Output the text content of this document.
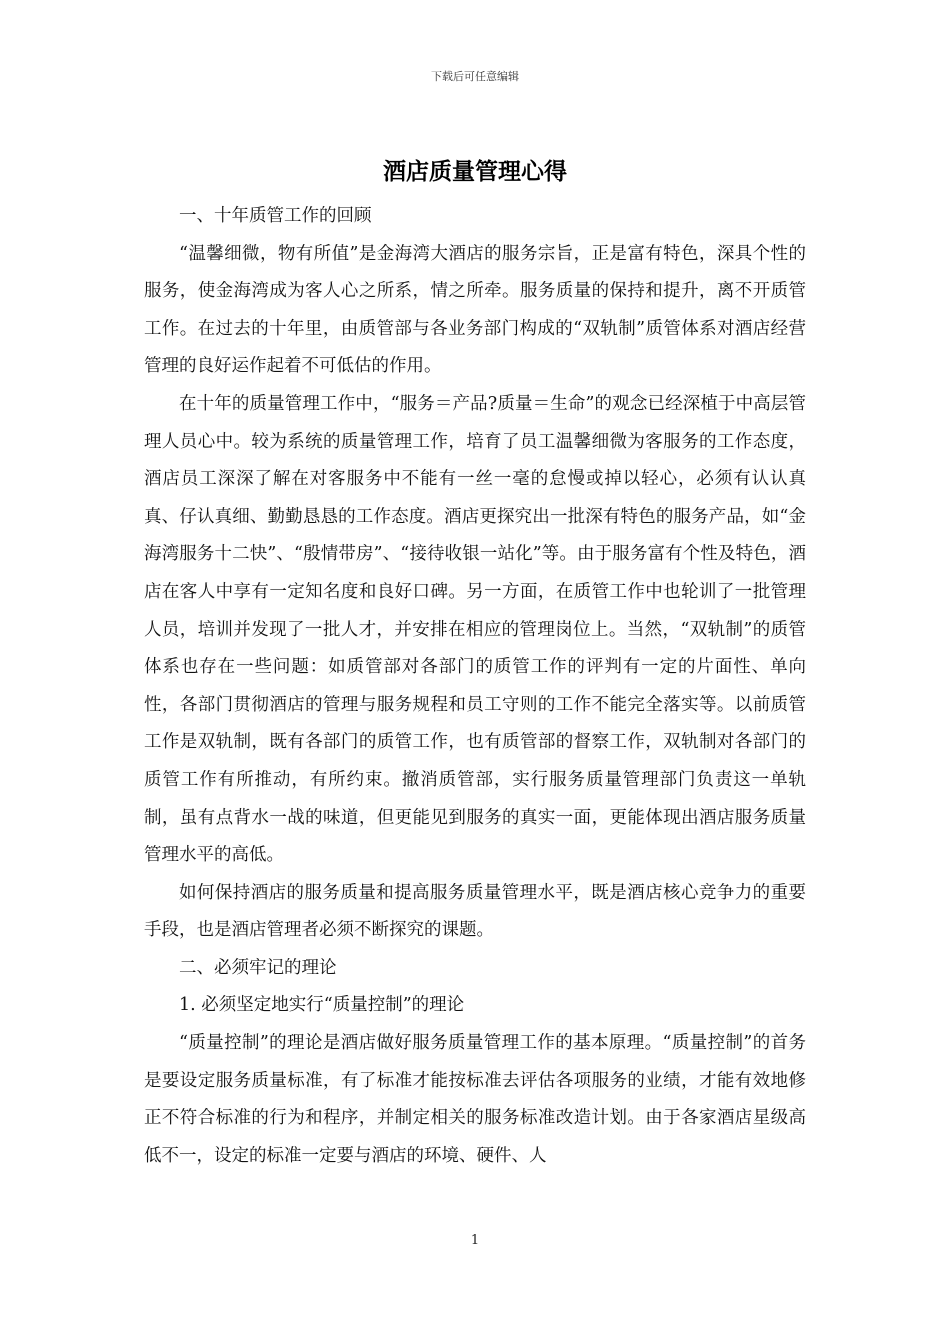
下载后可任意编辑
酒店质量管理心得

一、十年质管工作的回顾

“温馨细微，物有所值”是金海湾大酒店的服务宗旨，正是富有特色，深具个性的服务，使金海湾成为客人心之所系，情之所牵。服务质量的保持和提升，离不开质管工作。在过去的十年里，由质管部与各业务部门构成的“双轨制”质管体系对酒店经营管理的良好运作起着不可低估的作用。

在十年的质量管理工作中，“服务＝产品?质量＝生命”的观念已经深植于中高层管理人员心中。较为系统的质量管理工作，培育了员工温馨细微为客服务的工作态度，酒店员工深深了解在对客服务中不能有一丝一毫的怠慢或掉以轻心，必须有认认真真、仔认真细、勤勤恳恳的工作态度。酒店更探究出一批深有特色的服务产品，如“金海湾服务十二快”、“殷情带房”、“接待收银一站化”等。由于服务富有个性及特色，酒店在客人中享有一定知名度和良好口碑。另一方面，在质管工作中也轮训了一批管理人员，培训并发现了一批人才，并安排在相应的管理岗位上。当然，“双轨制”的质管体系也存在一些问题：如质管部对各部门的质管工作的评判有一定的片面性、单向性，各部门贯彻酒店的管理与服务规程和员工守则的工作不能完全落实等。以前质管工作是双轨制，既有各部门的质管工作，也有质管部的督察工作，双轨制对各部门的质管工作有所推动，有所约束。撤消质管部，实行服务质量管理部门负责这一单轨制，虽有点背水一战的味道，但更能见到服务的真实一面，更能体现出酒店服务质量管理水平的高低。

如何保持酒店的服务质量和提高服务质量管理水平，既是酒店核心竞争力的重要手段，也是酒店管理者必须不断探究的课题。

二、必须牢记的理论

1. 必须坚定地实行“质量控制”的理论

“质量控制”的理论是酒店做好服务质量管理工作的基本原理。“质量控制”的首务是要设定服务质量标准，有了标准才能按标准去评估各项服务的业绩，才能有效地修正不符合标准的行为和程序，并制定相关的服务标准改造计划。由于各家酒店星级高低不一，设定的标准一定要与酒店的环境、硬件、人

1
